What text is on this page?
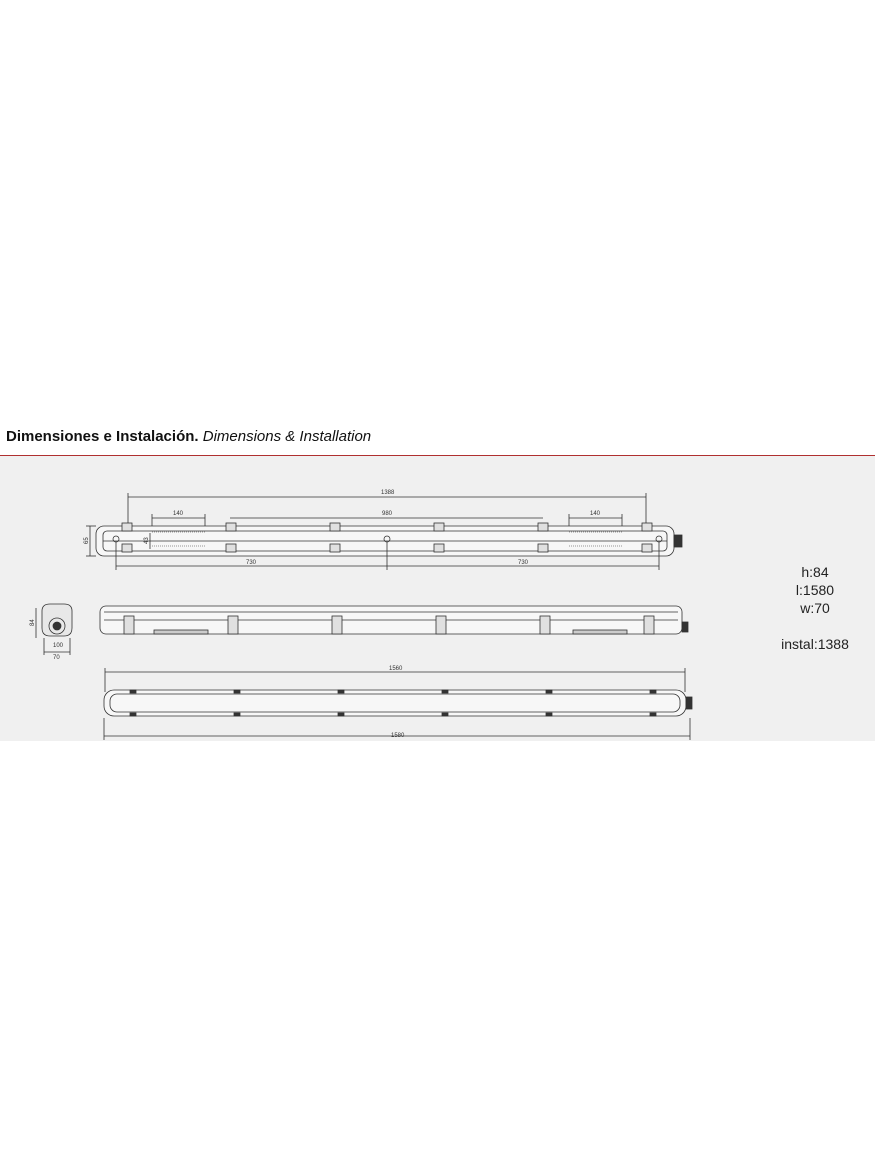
Dimensiones e Instalación. Dimensions & Installation
1388
140	140
980
65	43
730	730
84
100
70
1560
1580
h:84
l:1580
w:70
instal:1388
